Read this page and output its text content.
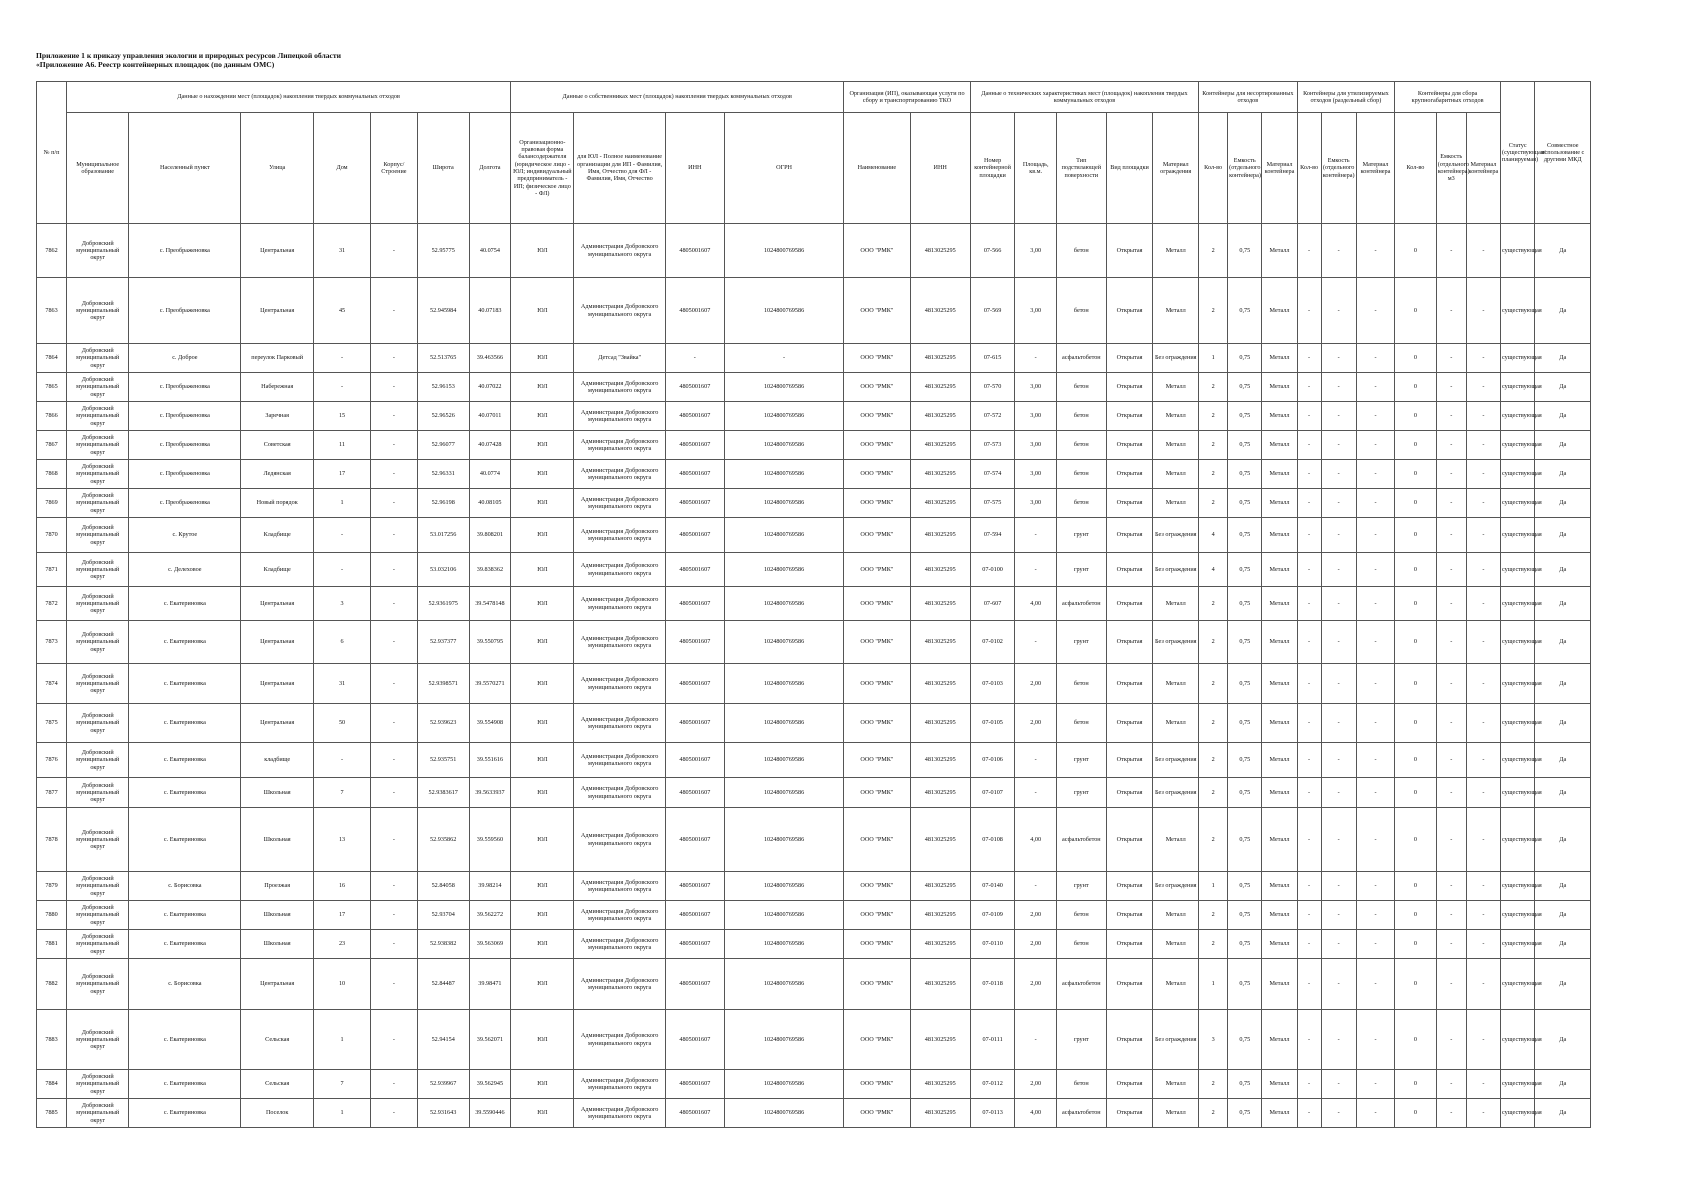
Приложение 1 к приказу управления экологии и природных ресурсов Липецкой области
«Приложение А6. Реестр контейнерных площадок (по данным ОМС)
№ п/п	Данные о нахождении мест (площадок) накопления твердых коммунальных отходов							Данные о собственниках мест (площадок) накопления твердых коммунальных отходов				Организация (ИП), оказывающая услуги по сбору и транспортированию ТКО		Данные о технических характеристиках мест (площадок) накопления твердых коммунальных отходов					Контейнеры для несортированных отходов			Контейнеры для утилизируемых отходов (раздельный сбор)			Контейнеры для сбора крупногабаритных отходов			Статус (существующая/ планируемая)	Совместное использование с другими МКД
	Муниципальное образование	Населенный пункт	Улица	Дом	Корпус/Строение	Широта	Долгота	Организационно-правовая форма балансодержателя (юридическое лицо - ЮЛ; индивидуальный предприниматель - ИП; физическое лицо - ФЛ)	для ЮЛ - Полное наименование организации для ИП - Фамилия, Имя, Отчество для ФЛ - Фамилия, Имя, Отчество	ИНН	ОГРН	Наименование	ИНН	Номер контейнерной площадки	Площадь, кв.м.	Тип подстилающей поверхности	Вид площадки	Материал ограждения	Кол-во	Емкость (отдельного контейнера)	Материал контейнера	Кол-во	Емкость (отдельного контейнера)	Материал контейнера	Кол-во	Емкость (отдельного контейнера) м3	Материал контейнера		
7862	Добровский муниципальный округ	с. Преображеновка	Центральная	31	-	52.95775	40.0754	ЮЛ	Администрация Добровского муниципального округа	4805001607	1024800769586	ООО "РМК"	4813025295	07-566	3,00	бетон	Открытая	Металл	2	0,75	Металл	-	-	-	0	-	-	существующая	Да
7863	Добровский муниципальный округ	с. Преображеновка	Центральная	45	-	52.945984	40.07183	ЮЛ	Администрация Добровского муниципального округа	4805001607	1024800769586	ООО "РМК"	4813025295	07-569	3,00	бетон	Открытая	Металл	2	0,75	Металл	-	-	-	0	-	-	существующая	Да
7864	Добровский муниципальный округ	с. Доброе	переулок Парковый	-	-	52.513765	39.463566	ЮЛ	Детсад "Звайка"	-	-	ООО "РМК"	4813025295	07-615	-	асфальтобетон	Открытая	Без ограждения	1	0,75	Металл	-	-	-	0	-	-	существующая	Да
7865	Добровский муниципальный округ	с. Преображеновка	Набережная	-	-	52.96153	40.07022	ЮЛ	Администрация Добровского муниципального округа	4805001607	1024800769586	ООО "РМК"	4813025295	07-570	3,00	бетон	Открытая	Металл	2	0,75	Металл	-	-	-	0	-	-	существующая	Да
7866	Добровский муниципальный округ	с. Преображеновка	Заречная	15	-	52.96526	40.07011	ЮЛ	Администрация Добровского муниципального округа	4805001607	1024800769586	ООО "РМК"	4813025295	07-572	3,00	бетон	Открытая	Металл	2	0,75	Металл	-	-	-	0	-	-	существующая	Да
7867	Добровский муниципальный округ	с. Преображеновка	Советская	11	-	52.96077	40.07428	ЮЛ	Администрация Добровского муниципального округа	4805001607	1024800769586	ООО "РМК"	4813025295	07-573	3,00	бетон	Открытая	Металл	2	0,75	Металл	-	-	-	0	-	-	существующая	Да
7868	Добровский муниципальный округ	с. Преображеновка	Ледянская	17	-	52.96331	40.0774	ЮЛ	Администрация Добровского муниципального округа	4805001607	1024800769586	ООО "РМК"	4813025295	07-574	3,00	бетон	Открытая	Металл	2	0,75	Металл	-	-	-	0	-	-	существующая	Да
7869	Добровский муниципальный округ	с. Преображеновка	Новый порядок	1	-	52.96198	40.08105	ЮЛ	Администрация Добровского муниципального округа	4805001607	1024800769586	ООО "РМК"	4813025295	07-575	3,00	бетон	Открытая	Металл	2	0,75	Металл	-	-	-	0	-	-	существующая	Да
7870	Добровский муниципальный округ	с. Крутое	Кладбище	-	-	53.017256	39.808201	ЮЛ	Администрация Добровского муниципального округа	4805001607	1024800769586	ООО "РМК"	4813025295	07-594	-	грунт	Открытая	Без ограждения	4	0,75	Металл	-	-	-	0	-	-	существующая	Да
7871	Добровский муниципальный округ	с. Делеховое	Кладбище	-	-	53.032106	39.838362	ЮЛ	Администрация Добровского муниципального округа	4805001607	1024800769586	ООО "РМК"	4813025295	07-0100	-	грунт	Открытая	Без ограждения	4	0,75	Металл	-	-	-	0	-	-	существующая	Да
7872	Добровский муниципальный округ	с. Екатериновка	Центральная	3	-	52.9361975	39.5478148	ЮЛ	Администрация Добровского муниципального округа	4805001607	1024800769586	ООО "РМК"	4813025295	07-607	4,00	асфальтобетон	Открытая	Металл	2	0,75	Металл	-	-	-	0	-	-	существующая	Да
7873	Добровский муниципальный округ	с. Екатериновка	Центральная	6	-	52.937377	39.550795	ЮЛ	Администрация Добровского муниципального округа	4805001607	1024800769586	ООО "РМК"	4813025295	07-0102	-	грунт	Открытая	Без ограждения	2	0,75	Металл	-	-	-	0	-	-	существующая	Да
7874	Добровский муниципальный округ	с. Екатериновка	Центральная	31	-	52.9398571	39.5570271	ЮЛ	Администрация Добровского муниципального округа	4805001607	1024800769586	ООО "РМК"	4813025295	07-0103	2,00	бетон	Открытая	Металл	2	0,75	Металл	-	-	-	0	-	-	существующая	Да
7875	Добровский муниципальный округ	с. Екатериновка	Центральная	50	-	52.939623	39.554908	ЮЛ	Администрация Добровского муниципального округа	4805001607	1024800769586	ООО "РМК"	4813025295	07-0105	2,00	бетон	Открытая	Металл	2	0,75	Металл	-	-	-	0	-	-	существующая	Да
7876	Добровский муниципальный округ	с. Екатериновка	кладбище	-	-	52.935751	39.551616	ЮЛ	Администрация Добровского муниципального округа	4805001607	1024800769586	ООО "РМК"	4813025295	07-0106	-	грунт	Открытая	Без ограждения	2	0,75	Металл	-	-	-	0	-	-	существующая	Да
7877	Добровский муниципальный округ	с. Екатериновка	Школьная	7	-	52.9383617	39.5633937	ЮЛ	Администрация Добровского муниципального округа	4805001607	1024800769586	ООО "РМК"	4813025295	07-0107	-	грунт	Открытая	Без ограждения	2	0,75	Металл	-	-	-	0	-	-	существующая	Да
7878	Добровский муниципальный округ	с. Екатериновка	Школьная	13	-	52.935862	39.559560	ЮЛ	Администрация Добровского муниципального округа	4805001607	1024800769586	ООО "РМК"	4813025295	07-0108	4,00	асфальтобетон	Открытая	Металл	2	0,75	Металл	-	-	-	0	-	-	существующая	Да
7879	Добровский муниципальный округ	с. Борисовка	Проезжая	16	-	52.84058	39.98214	ЮЛ	Администрация Добровского муниципального округа	4805001607	1024800769586	ООО "РМК"	4813025295	07-0140	-	грунт	Открытая	Без ограждения	1	0,75	Металл	-	-	-	0	-	-	существующая	Да
7880	Добровский муниципальный округ	с. Екатериновка	Школьная	17	-	52.93704	39.562272	ЮЛ	Администрация Добровского муниципального округа	4805001607	1024800769586	ООО "РМК"	4813025295	07-0109	2,00	бетон	Открытая	Металл	2	0,75	Металл	-	-	-	0	-	-	существующая	Да
7881	Добровский муниципальный округ	с. Екатериновка	Школьная	23	-	52.938382	39.563069	ЮЛ	Администрация Добровского муниципального округа	4805001607	1024800769586	ООО "РМК"	4813025295	07-0110	2,00	бетон	Открытая	Металл	2	0,75	Металл	-	-	-	0	-	-	существующая	Да
7882	Добровский муниципальный округ	с. Борисовка	Центральная	10	-	52.84487	39.98471	ЮЛ	Администрация Добровского муниципального округа	4805001607	1024800769586	ООО "РМК"	4813025295	07-0118	2,00	асфальтобетон	Открытая	Металл	1	0,75	Металл	-	-	-	0	-	-	существующая	Да
7883	Добровский муниципальный округ	с. Екатериновка	Сельская	1	-	52.94154	39.562071	ЮЛ	Администрация Добровского муниципального округа	4805001607	1024800769586	ООО "РМК"	4813025295	07-0111	-	грунт	Открытая	Без ограждения	3	0,75	Металл	-	-	-	0	-	-	существующая	Да
7884	Добровский муниципальный округ	с. Екатериновка	Сельская	7	-	52.939967	39.562945	ЮЛ	Администрация Добровского муниципального округа	4805001607	1024800769586	ООО "РМК"	4813025295	07-0112	2,00	бетон	Открытая	Металл	2	0,75	Металл	-	-	-	0	-	-	существующая	Да
7885	Добровский муниципальный округ	с. Екатериновка	Поселок	1	-	52.931643	39.5590446	ЮЛ	Администрация Добровского муниципального округа	4805001607	1024800769586	ООО "РМК"	4813025295	07-0113	4,00	асфальтобетон	Открытая	Металл	2	0,75	Металл	-	-	-	0	-	-	существующая	Да
